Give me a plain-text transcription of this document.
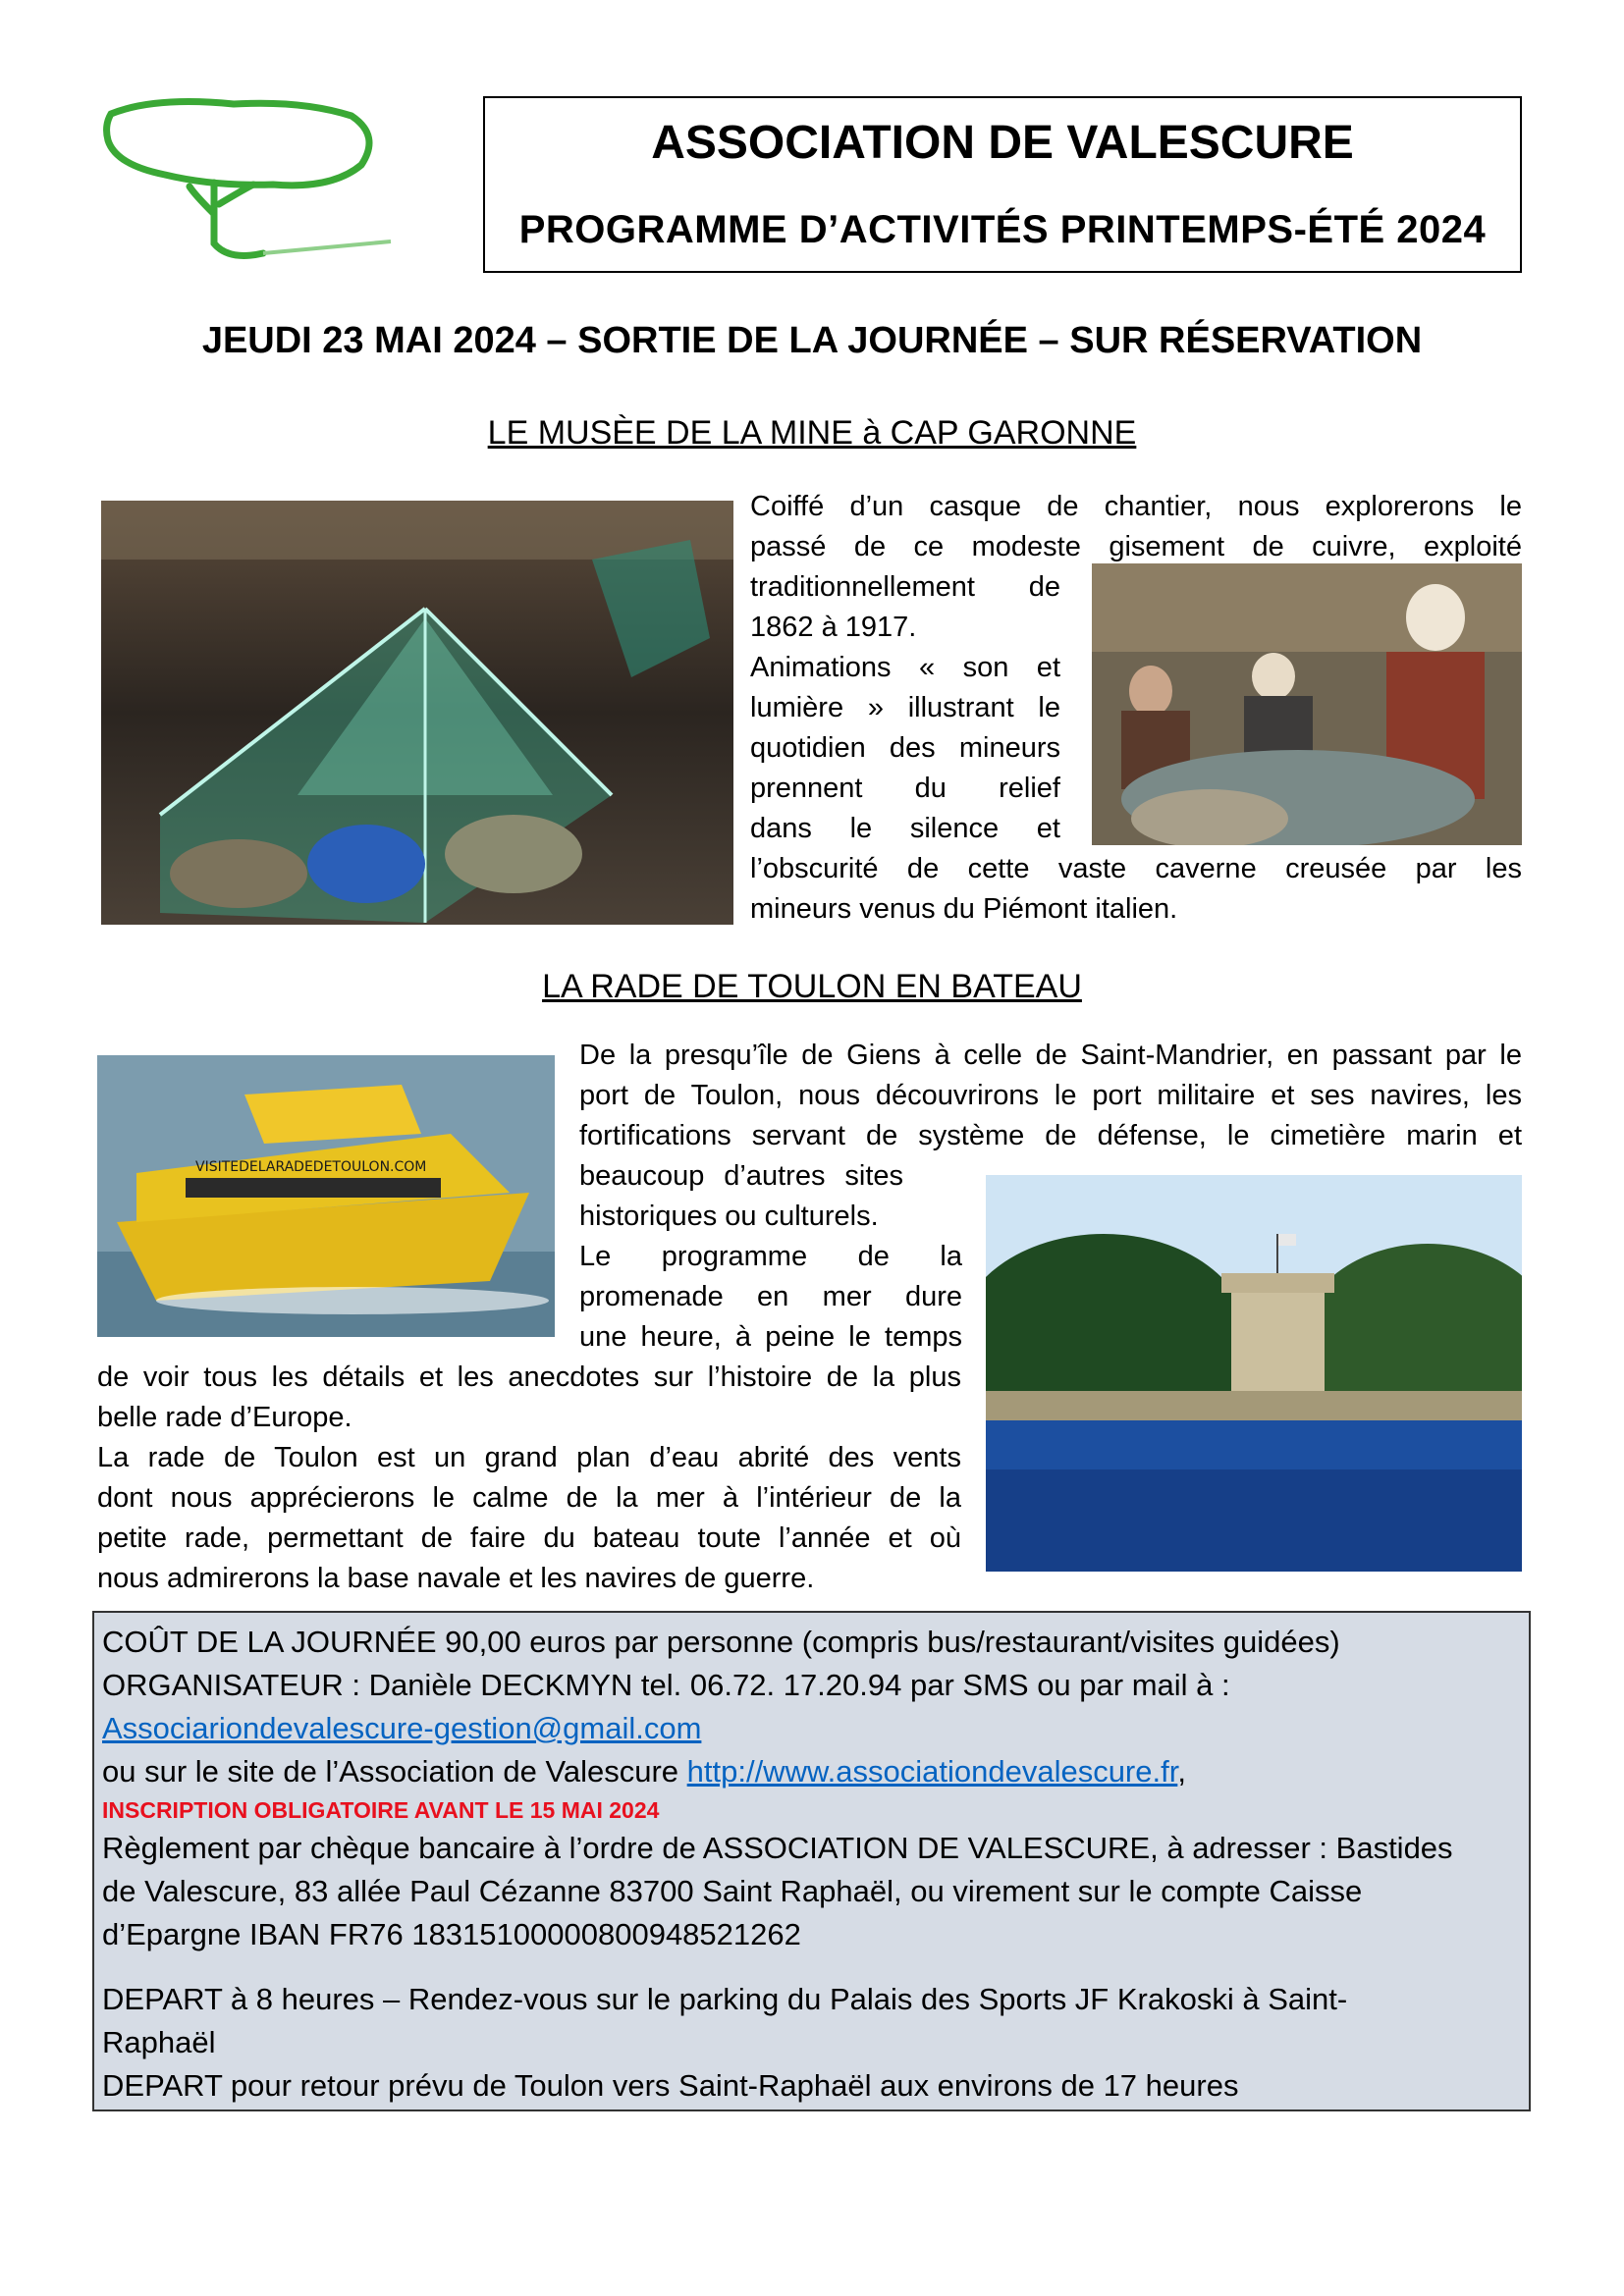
ASSOCIATION DE VALESCURE
PROGRAMME D’ACTIVITÉS PRINTEMPS-ÉTÉ 2024
JEUDI 23 MAI 2024 – SORTIE DE LA JOURNÉE – SUR RÉSERVATION
LE MUSÈE DE LA MINE à CAP GARONNE
Coiffé d’un casque de chantier, nous explorerons le
passé de ce modeste gisement de cuivre, exploité
traditionnellement de
1862 à 1917.
Animations « son et
lumière » illustrant le
quotidien des mineurs
prennent du relief
dans le silence et
l’obscurité de cette vaste caverne creusée par les
mineurs venus du Piémont italien.
LA RADE DE TOULON EN BATEAU
VISITEDELARADEDETOULON.COM
De la presqu’île de Giens à celle de Saint-Mandrier, en passant par le
port de Toulon, nous découvrirons le port militaire et ses navires, les
fortifications servant de système de défense, le cimetière marin et
beaucoup d’autres sites
historiques ou culturels.
Le programme de la
promenade en mer dure
une heure, à peine le temps
de voir tous les détails et les anecdotes sur l’histoire de la plus
belle rade d’Europe.
La rade de Toulon est un grand plan d’eau abrité des vents
dont nous apprécierons le calme de la mer à l’intérieur de la
petite rade, permettant de faire du bateau toute l’année et où
nous admirerons la base navale et les navires de guerre.
COÛT DE LA JOURNÉE 90,00 euros par personne (compris bus/restaurant/visites guidées)
ORGANISATEUR : Danièle DECKMYN tel. 06.72. 17.20.94 par SMS ou par mail à :
Associariondevalescure-gestion@gmail.com
ou sur le site de l’Association de Valescure http://www.associationdevalescure.fr,
INSCRIPTION OBLIGATOIRE AVANT LE 15 MAI 2024
Règlement par chèque bancaire à l’ordre de ASSOCIATION DE VALESCURE, à adresser : Bastides
de Valescure, 83 allée Paul Cézanne 83700 Saint Raphaël, ou virement sur le compte Caisse
d’Epargne IBAN FR76 18315100000800948521262
DEPART à 8 heures – Rendez-vous sur le parking du Palais des Sports JF Krakoski à Saint-
Raphaël
DEPART pour retour prévu de Toulon vers Saint-Raphaël aux environs de 17 heures
